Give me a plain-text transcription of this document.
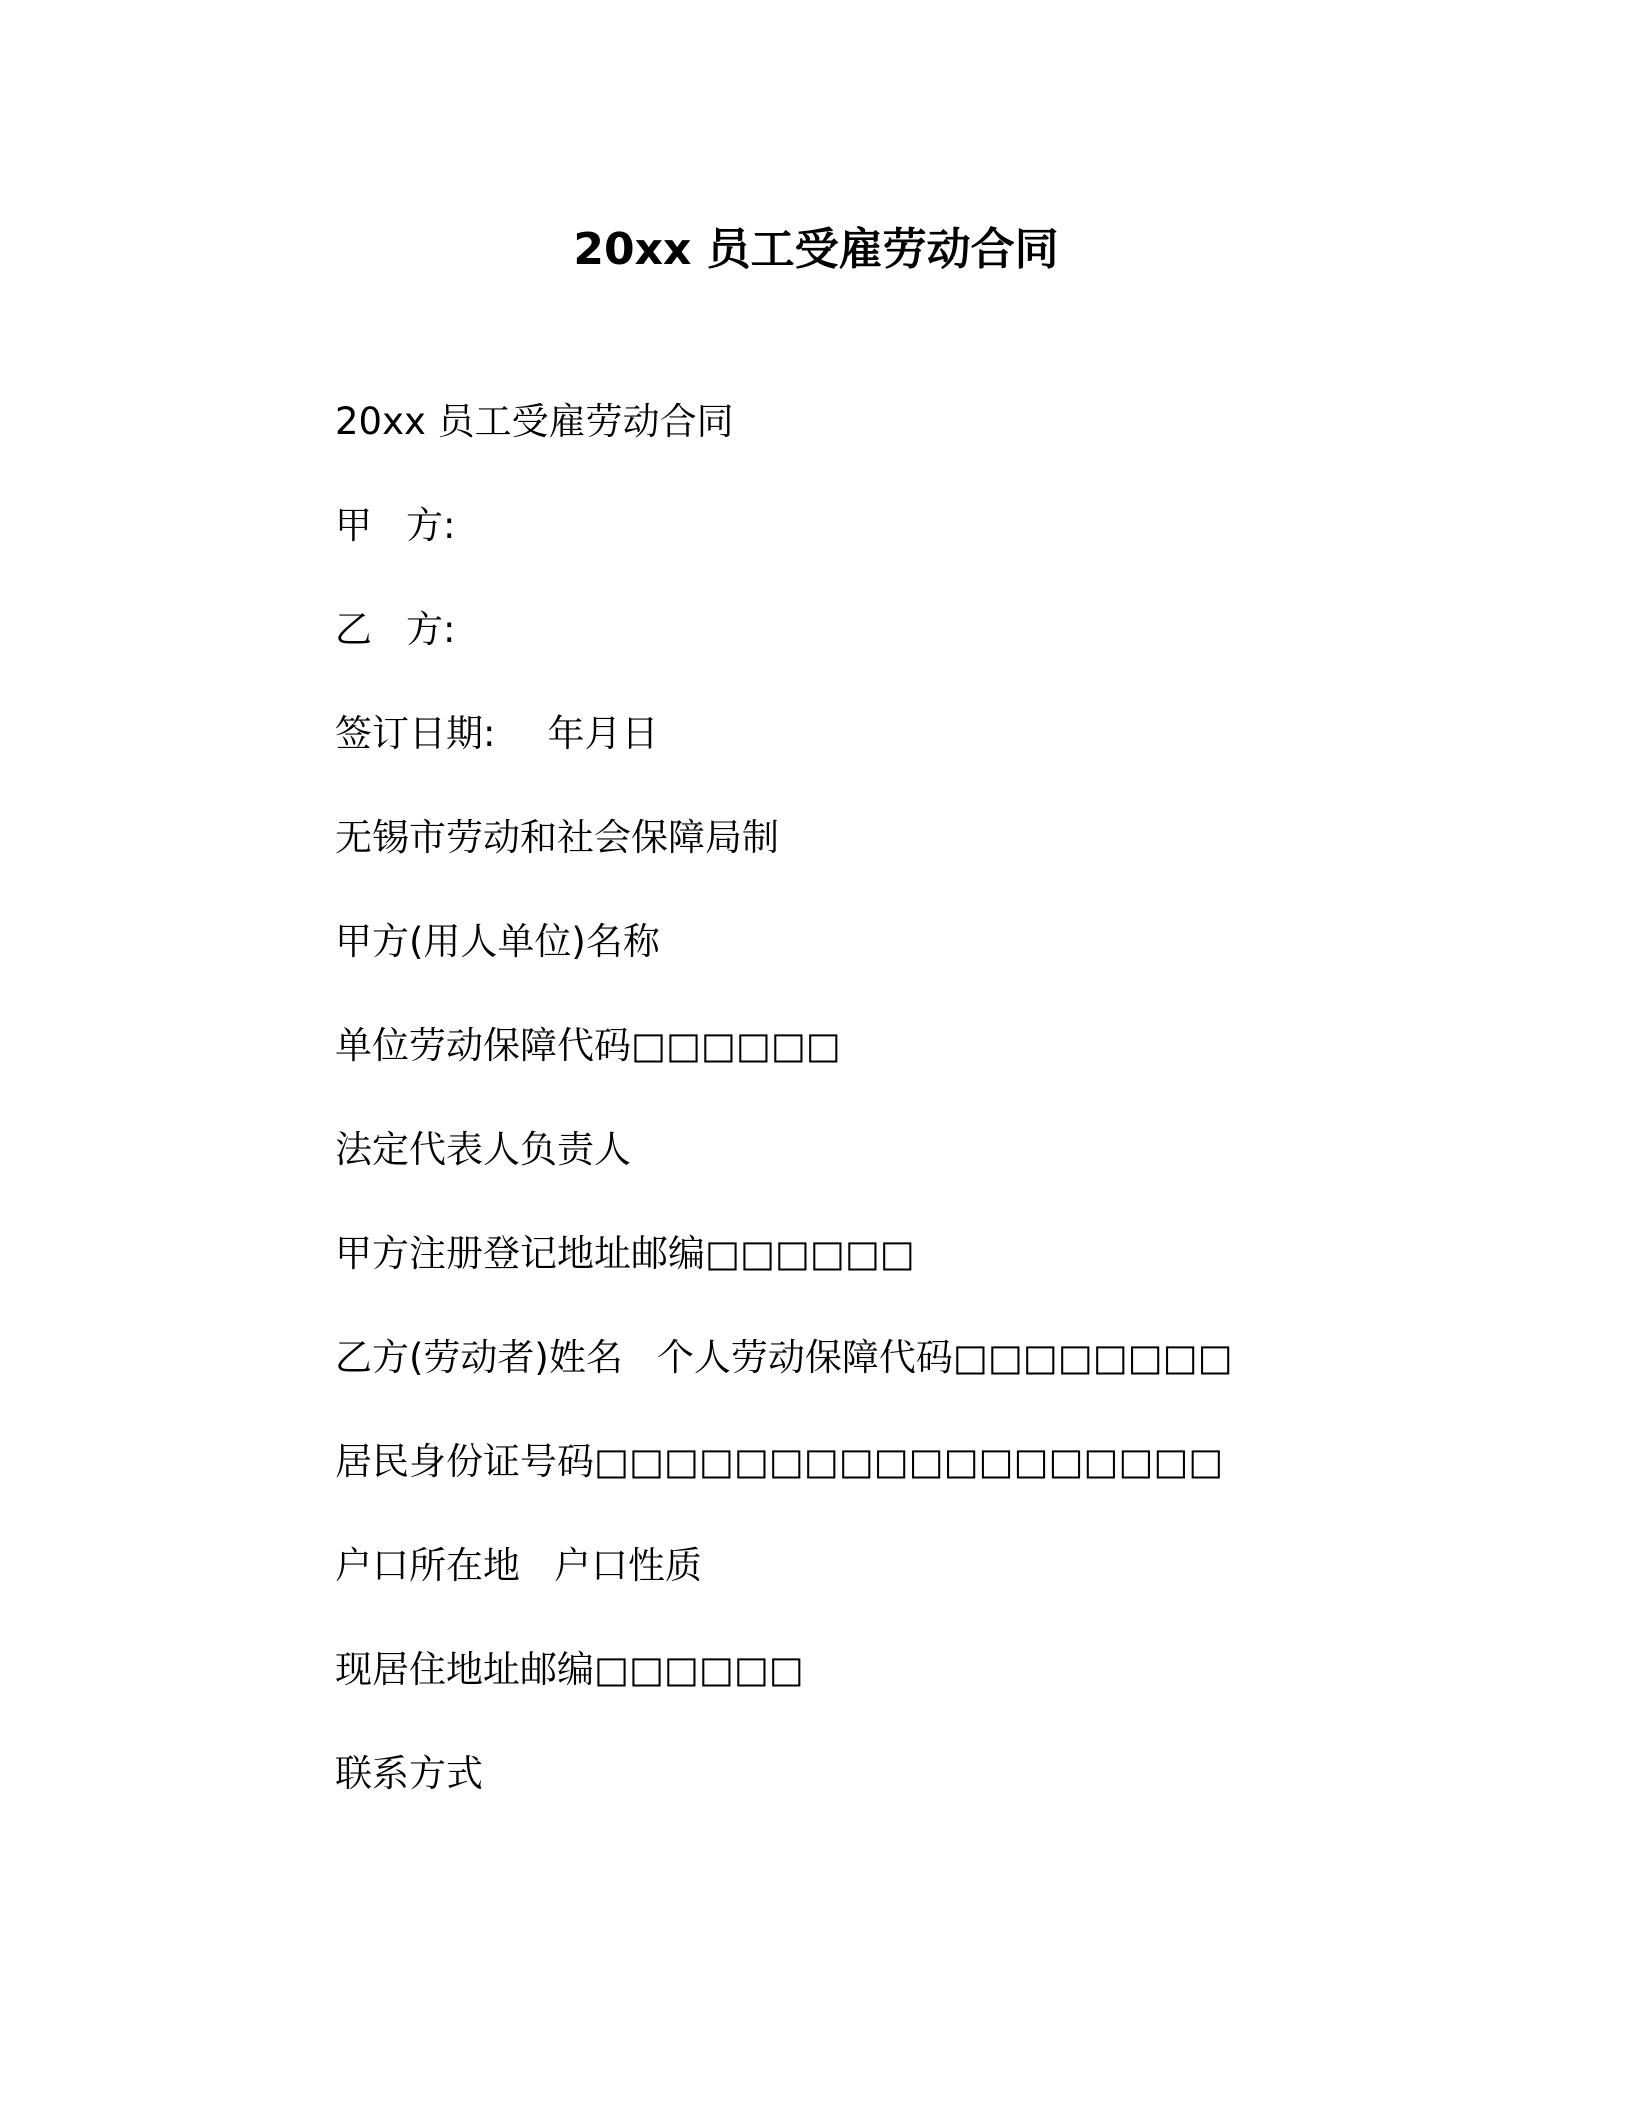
20xx 员工受雇劳动合同
20xx 员工受雇劳动合同
甲 方:
乙 方:
签订日期: 年月日
无锡市劳动和社会保障局制
甲方(用人单位)名称
单位劳动保障代码□□□□□□
法定代表人负责人
甲方注册登记地址邮编□□□□□□
乙方(劳动者)姓名 个人劳动保障代码□□□□□□□□
居民身份证号码□□□□□□□□□□□□□□□□□□
户口所在地 户口性质
现居住地址邮编□□□□□□
联系方式
